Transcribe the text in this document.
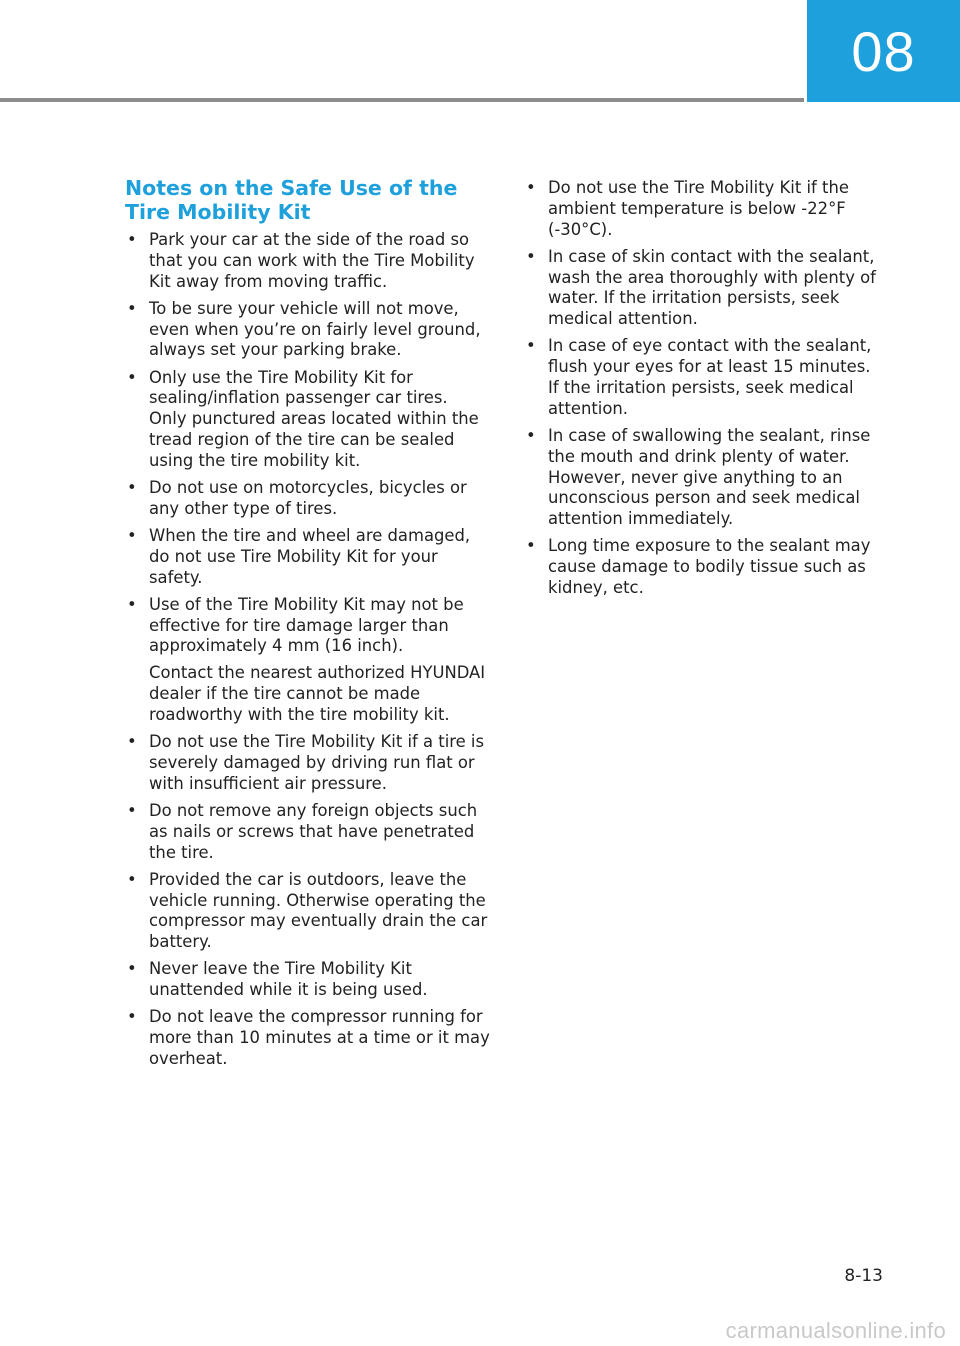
08
Notes on the Safe Use of the Tire Mobility Kit
• Park your car at the side of the road so that you can work with the Tire Mobility Kit away from moving traffic.
• To be sure your vehicle will not move, even when you’re on fairly level ground, always set your parking brake.
• Only use the Tire Mobility Kit for sealing/inflation passenger car tires. Only punctured areas located within the tread region of the tire can be sealed using the tire mobility kit.
• Do not use on motorcycles, bicycles or any other type of tires.
• When the tire and wheel are damaged, do not use Tire Mobility Kit for your safety.
• Use of the Tire Mobility Kit may not be effective for tire damage larger than approximately 4 mm (16 inch).
Contact the nearest authorized HYUNDAI dealer if the tire cannot be made roadworthy with the tire mobility kit.
• Do not use the Tire Mobility Kit if a tire is severely damaged by driving run flat or with insufficient air pressure.
• Do not remove any foreign objects such as nails or screws that have penetrated the tire.
• Provided the car is outdoors, leave the vehicle running. Otherwise operating the compressor may eventually drain the car battery.
• Never leave the Tire Mobility Kit unattended while it is being used.
• Do not leave the compressor running for more than 10 minutes at a time or it may overheat.
• Do not use the Tire Mobility Kit if the ambient temperature is below -22°F (-30°C).
• In case of skin contact with the sealant, wash the area thoroughly with plenty of water. If the irritation persists, seek medical attention.
• In case of eye contact with the sealant, flush your eyes for at least 15 minutes. If the irritation persists, seek medical attention.
• In case of swallowing the sealant, rinse the mouth and drink plenty of water. However, never give anything to an unconscious person and seek medical attention immediately.
• Long time exposure to the sealant may cause damage to bodily tissue such as kidney, etc.
8-13
carmanualsonline.info
